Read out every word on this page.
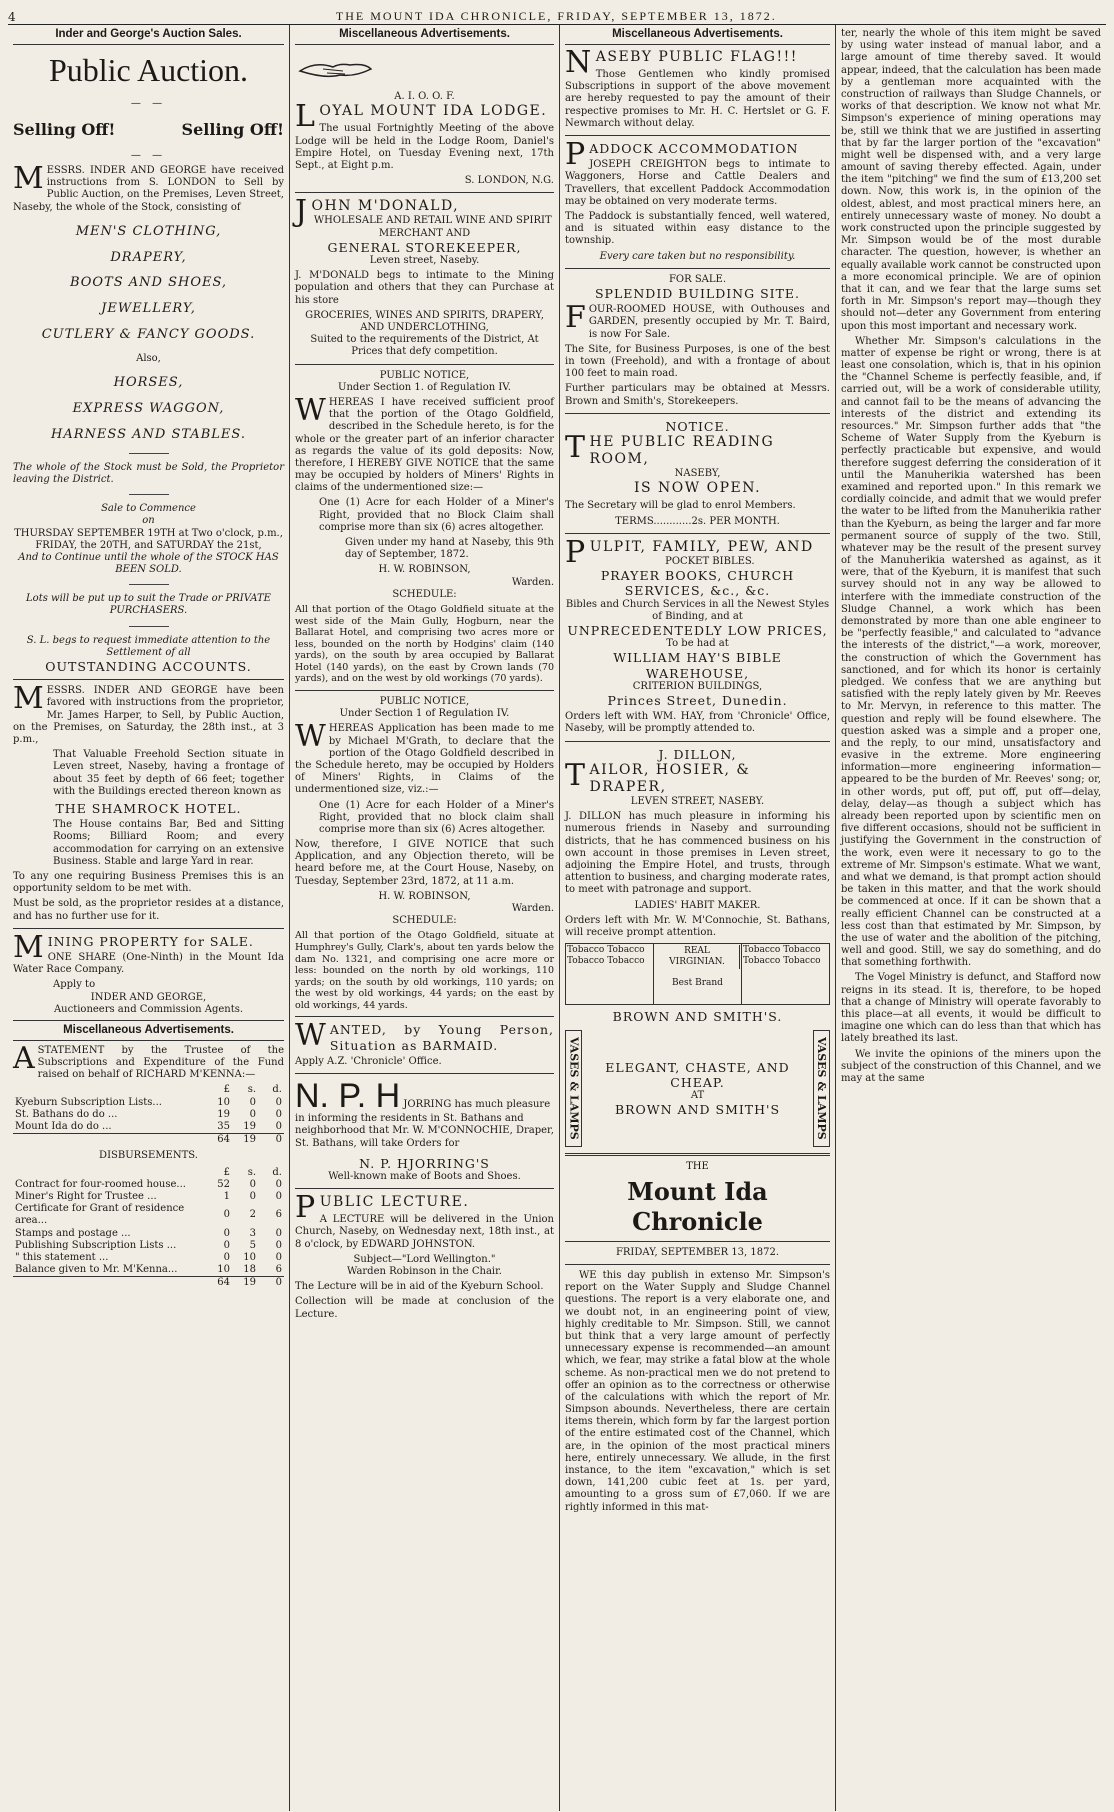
4	THE MOUNT IDA CHRONICLE, FRIDAY, SEPTEMBER 13, 1872.
Inder and George's Auction Sales.
Public Auction.
— —
Selling Off!	Selling Off!
— —

MESSRS. INDER AND GEORGE have received instructions from S. LONDON to Sell by Public Auction, on the Premises, Leven Street, Naseby, the whole of the Stock, consisting of

MEN'S CLOTHING,
DRAPERY,
BOOTS AND SHOES,
JEWELLERY,
CUTLERY & FANCY GOODS.
Also,
HORSES,
EXPRESS WAGGON,
HARNESS AND STABLES.

The whole of the Stock must be Sold, the Proprietor leaving the District.

Sale to Commence
on
THURSDAY SEPTEMBER 19TH at Two o'clock, p.m.,
FRIDAY, the 20TH, and SATURDAY the 21st,
And to Continue until the whole of the STOCK HAS BEEN SOLD.
Lots will be put up to suit the Trade or PRIVATE PURCHASERS.
S. L. begs to request immediate attention to the Settlement of all
OUTSTANDING ACCOUNTS.

MESSRS. INDER AND GEORGE have been favored with instructions from the proprietor, Mr. James Harper, to Sell, by Public Auction, on the Premises, on Saturday, the 28th inst., at 3 p.m.,

That Valuable Freehold Section situate in Leven street, Naseby, having a frontage of about 35 feet by depth of 66 feet; together with the Buildings erected thereon known as

THE SHAMROCK HOTEL.

The House contains Bar, Bed and Sitting Rooms; Billiard Room; and every accommodation for carrying on an extensive Business. Stable and large Yard in rear.

To any one requiring Business Premises this is an opportunity seldom to be met with.

Must be sold, as the proprietor resides at a distance, and has no further use for it.

MINING PROPERTY for SALE.

ONE SHARE (One-Ninth) in the Mount Ida Water Race Company.

Apply to
INDER AND GEORGE,
Auctioneers and Commission Agents.
Miscellaneous Advertisements.

ASTATEMENT by the Trustee of the Subscriptions and Expenditure of the Fund raised on behalf of RICHARD M'KENNA:—

	£	s.	d.
Kyeburn Subscription Lists...	10	0	0
St. Bathans do do ...	19	0	0
Mount Ida do do ...	35	19	0
	64	19	0
DISBURSEMENTS.
	£	s.	d.
Contract for four-roomed house...	52	0	0
Miner's Right for Trustee ...	1	0	0
Certificate for Grant of residence area...	0	2	6
Stamps and postage ...	0	3	0
Publishing Subscription Lists ...	0	5	0
" this statement ...	0	10	0
Balance given to Mr. M'Kenna...	10	18	6
	64	19	0
Miscellaneous Advertisements.
A. I. O. O. F.
LOYAL MOUNT IDA LODGE.

The usual Fortnightly Meeting of the above Lodge will be held in the Lodge Room, Daniel's Empire Hotel, on Tuesday Evening next, 17th Sept., at Eight p.m.

S. LONDON, N.G.
JOHN M'DONALD,
WHOLESALE AND RETAIL WINE AND SPIRIT MERCHANT AND
GENERAL STOREKEEPER,
Leven street, Naseby.

J. M'DONALD begs to intimate to the Mining population and others that they can Purchase at his store

GROCERIES, WINES AND SPIRITS, DRAPERY, AND UNDERCLOTHING,
Suited to the requirements of the District, At Prices that defy competition.
PUBLIC NOTICE,
Under Section 1. of Regulation IV.

WHEREAS I have received sufficient proof that the portion of the Otago Goldfield, described in the Schedule hereto, is for the whole or the greater part of an inferior character as regards the value of its gold deposits: Now, therefore, I HEREBY GIVE NOTICE that the same may be occupied by holders of Miners' Rights in claims of the undermentioned size:—

One (1) Acre for each Holder of a Miner's Right, provided that no Block Claim shall comprise more than six (6) acres altogether.

Given under my hand at Naseby, this 9th day of September, 1872.

H. W. ROBINSON,
Warden.
SCHEDULE:

All that portion of the Otago Goldfield situate at the west side of the Main Gully, Hogburn, near the Ballarat Hotel, and comprising two acres more or less, bounded on the north by Hodgins' claim (140 yards), on the south by area occupied by Ballarat Hotel (140 yards), on the east by Crown lands (70 yards), and on the west by old workings (70 yards).

PUBLIC NOTICE,
Under Section 1 of Regulation IV.

WHEREAS Application has been made to me by Michael M'Grath, to declare that the portion of the Otago Goldfield described in the Schedule hereto, may be occupied by Holders of Miners' Rights, in Claims of the undermentioned size, viz.:—

One (1) Acre for each Holder of a Miner's Right, provided that no block claim shall comprise more than six (6) Acres altogether.

Now, therefore, I GIVE NOTICE that such Application, and any Objection thereto, will be heard before me, at the Court House, Naseby, on Tuesday, September 23rd, 1872, at 11 a.m.

H. W. ROBINSON,
Warden.
SCHEDULE:

All that portion of the Otago Goldfield, situate at Humphrey's Gully, Clark's, about ten yards below the dam No. 1321, and comprising one acre more or less: bounded on the north by old workings, 110 yards; on the south by old workings, 110 yards; on the west by old workings, 44 yards; on the east by old workings, 44 yards.

WANTED, by Young Person, Situation as BARMAID.

Apply A.Z. 'Chronicle' Office.
N. P. H JORRING has much pleasure in informing the residents in St. Bathans and neighborhood that Mr. W. M'CONNOCHIE, Draper, St. Bathans, will take Orders for
N. P. HJORRING'S
Well-known make of Boots and Shoes.
PUBLIC LECTURE.

A LECTURE will be delivered in the Union Church, Naseby, on Wednesday next, 18th inst., at 8 o'clock, by EDWARD JOHNSTON.

Subject—"Lord Wellington."
Warden Robinson in the Chair.

The Lecture will be in aid of the Kyeburn School.

Collection will be made at conclusion of the Lecture.

Miscellaneous Advertisements.
NASEBY PUBLIC FLAG!!!

Those Gentlemen who kindly promised Subscriptions in support of the above movement are hereby requested to pay the amount of their respective promises to Mr. H. C. Hertslet or G. F. Newmarch without delay.

PADDOCK ACCOMMODATION

JOSEPH CREIGHTON begs to intimate to Waggoners, Horse and Cattle Dealers and Travellers, that excellent Paddock Accommodation may be obtained on very moderate terms.

The Paddock is substantially fenced, well watered, and is situated within easy distance to the township.

Every care taken but no responsibility.
FOR SALE.
SPLENDID BUILDING SITE.

FOUR-ROOMED HOUSE, with Outhouses and GARDEN, presently occupied by Mr. T. Baird, is now For Sale.

The Site, for Business Purposes, is one of the best in town (Freehold), and with a frontage of about 100 feet to main road.

Further particulars may be obtained at Messrs. Brown and Smith's, Storekeepers.

NOTICE.
THE PUBLIC READING ROOM,
NASEBY,
IS NOW OPEN.

The Secretary will be glad to enrol Members.

TERMS............2s. PER MONTH.
PULPIT, FAMILY, PEW, AND
POCKET BIBLES.
PRAYER BOOKS, CHURCH SERVICES, &c., &c.
Bibles and Church Services in all the Newest Styles of Binding, and at
UNPRECEDENTEDLY LOW PRICES,
To be had at
WILLIAM HAY'S BIBLE WAREHOUSE,
CRITERION BUILDINGS,
Princes Street, Dunedin.

Orders left with WM. HAY, from 'Chronicle' Office, Naseby, will be promptly attended to.

J. DILLON,
TAILOR, HOSIER, & DRAPER,
LEVEN STREET, NASEBY.

J. DILLON has much pleasure in informing his numerous friends in Naseby and surrounding districts, that he has commenced business on his own account in those premises in Leven street, adjoining the Empire Hotel, and trusts, through attention to business, and charging moderate rates, to meet with patronage and support.

LADIES' HABIT MAKER.

Orders left with Mr. W. M'Connochie, St. Bathans, will receive prompt attention.

Tobacco Tobacco Tobacco Tobacco
REAL VIRGINIAN.
Best Brand
Tobacco Tobacco Tobacco Tobacco
BROWN AND SMITH'S.
VASES & LAMPS	ELEGANT, CHASTE, AND CHEAP.
AT
BROWN AND SMITH'S	VASES & LAMPS
THE
Mount Ida Chronicle
FRIDAY, SEPTEMBER 13, 1872.

WE this day publish in extenso Mr. Simpson's report on the Water Supply and Sludge Channel questions. The report is a very elaborate one, and we doubt not, in an engineering point of view, highly creditable to Mr. Simpson. Still, we cannot but think that a very large amount of perfectly unnecessary expense is recommended—an amount which, we fear, may strike a fatal blow at the whole scheme. As non-practical men we do not pretend to offer an opinion as to the correctness or otherwise of the calculations with which the report of Mr. Simpson abounds. Nevertheless, there are certain items therein, which form by far the largest portion of the entire estimated cost of the Channel, which are, in the opinion of the most practical miners here, entirely unnecessary. We allude, in the first instance, to the item "excavation," which is set down, 141,200 cubic feet at 1s. per yard, amounting to a gross sum of £7,060. If we are rightly informed in this mat-

ter, nearly the whole of this item might be saved by using water instead of manual labor, and a large amount of time thereby saved. It would appear, indeed, that the calculation has been made by a gentleman more acquainted with the construction of railways than Sludge Channels, or works of that description. We know not what Mr. Simpson's experience of mining operations may be, still we think that we are justified in asserting that by far the larger portion of the "excavation" might well be dispensed with, and a very large amount of saving thereby effected. Again, under the item "pitching" we find the sum of £13,200 set down. Now, this work is, in the opinion of the oldest, ablest, and most practical miners here, an entirely unnecessary waste of money. No doubt a work constructed upon the principle suggested by Mr. Simpson would be of the most durable character. The question, however, is whether an equally available work cannot be constructed upon a more economical principle. We are of opinion that it can, and we fear that the large sums set forth in Mr. Simpson's report may—though they should not—deter any Government from entering upon this most important and necessary work.

Whether Mr. Simpson's calculations in the matter of expense be right or wrong, there is at least one consolation, which is, that in his opinion the "Channel Scheme is perfectly feasible, and, if carried out, will be a work of considerable utility, and cannot fail to be the means of advancing the interests of the district and extending its resources." Mr. Simpson further adds that "the Scheme of Water Supply from the Kyeburn is perfectly practicable but expensive, and would therefore suggest deferring the consideration of it until the Manuherikia watershed has been examined and reported upon." In this remark we cordially coincide, and admit that we would prefer the water to be lifted from the Manuherikia rather than the Kyeburn, as being the larger and far more permanent source of supply of the two. Still, whatever may be the result of the present survey of the Manuherikia watershed as against, as it were, that of the Kyeburn, it is manifest that such survey should not in any way be allowed to interfere with the immediate construction of the Sludge Channel, a work which has been demonstrated by more than one able engineer to be "perfectly feasible," and calculated to "advance the interests of the district,"—a work, moreover, the construction of which the Government has sanctioned, and for which its honor is certainly pledged. We confess that we are anything but satisfied with the reply lately given by Mr. Reeves to Mr. Mervyn, in reference to this matter. The question and reply will be found elsewhere. The question asked was a simple and a proper one, and the reply, to our mind, unsatisfactory and evasive in the extreme. More engineering information—more engineering information—appeared to be the burden of Mr. Reeves' song; or, in other words, put off, put off, put off—delay, delay, delay—as though a subject which has already been reported upon by scientific men on five different occasions, should not be sufficient in justifying the Government in the construction of the work, even were it necessary to go to the extreme of Mr. Simpson's estimate. What we want, and what we demand, is that prompt action should be taken in this matter, and that the work should be commenced at once. If it can be shown that a really efficient Channel can be constructed at a less cost than that estimated by Mr. Simpson, by the use of water and the abolition of the pitching, well and good. Still, we say do something, and do that something forthwith.

The Vogel Ministry is defunct, and Stafford now reigns in its stead. It is, therefore, to be hoped that a change of Ministry will operate favorably to this place—at all events, it would be difficult to imagine one which can do less than that which has lately breathed its last.

We invite the opinions of the miners upon the subject of the construction of this Channel, and we may at the same
